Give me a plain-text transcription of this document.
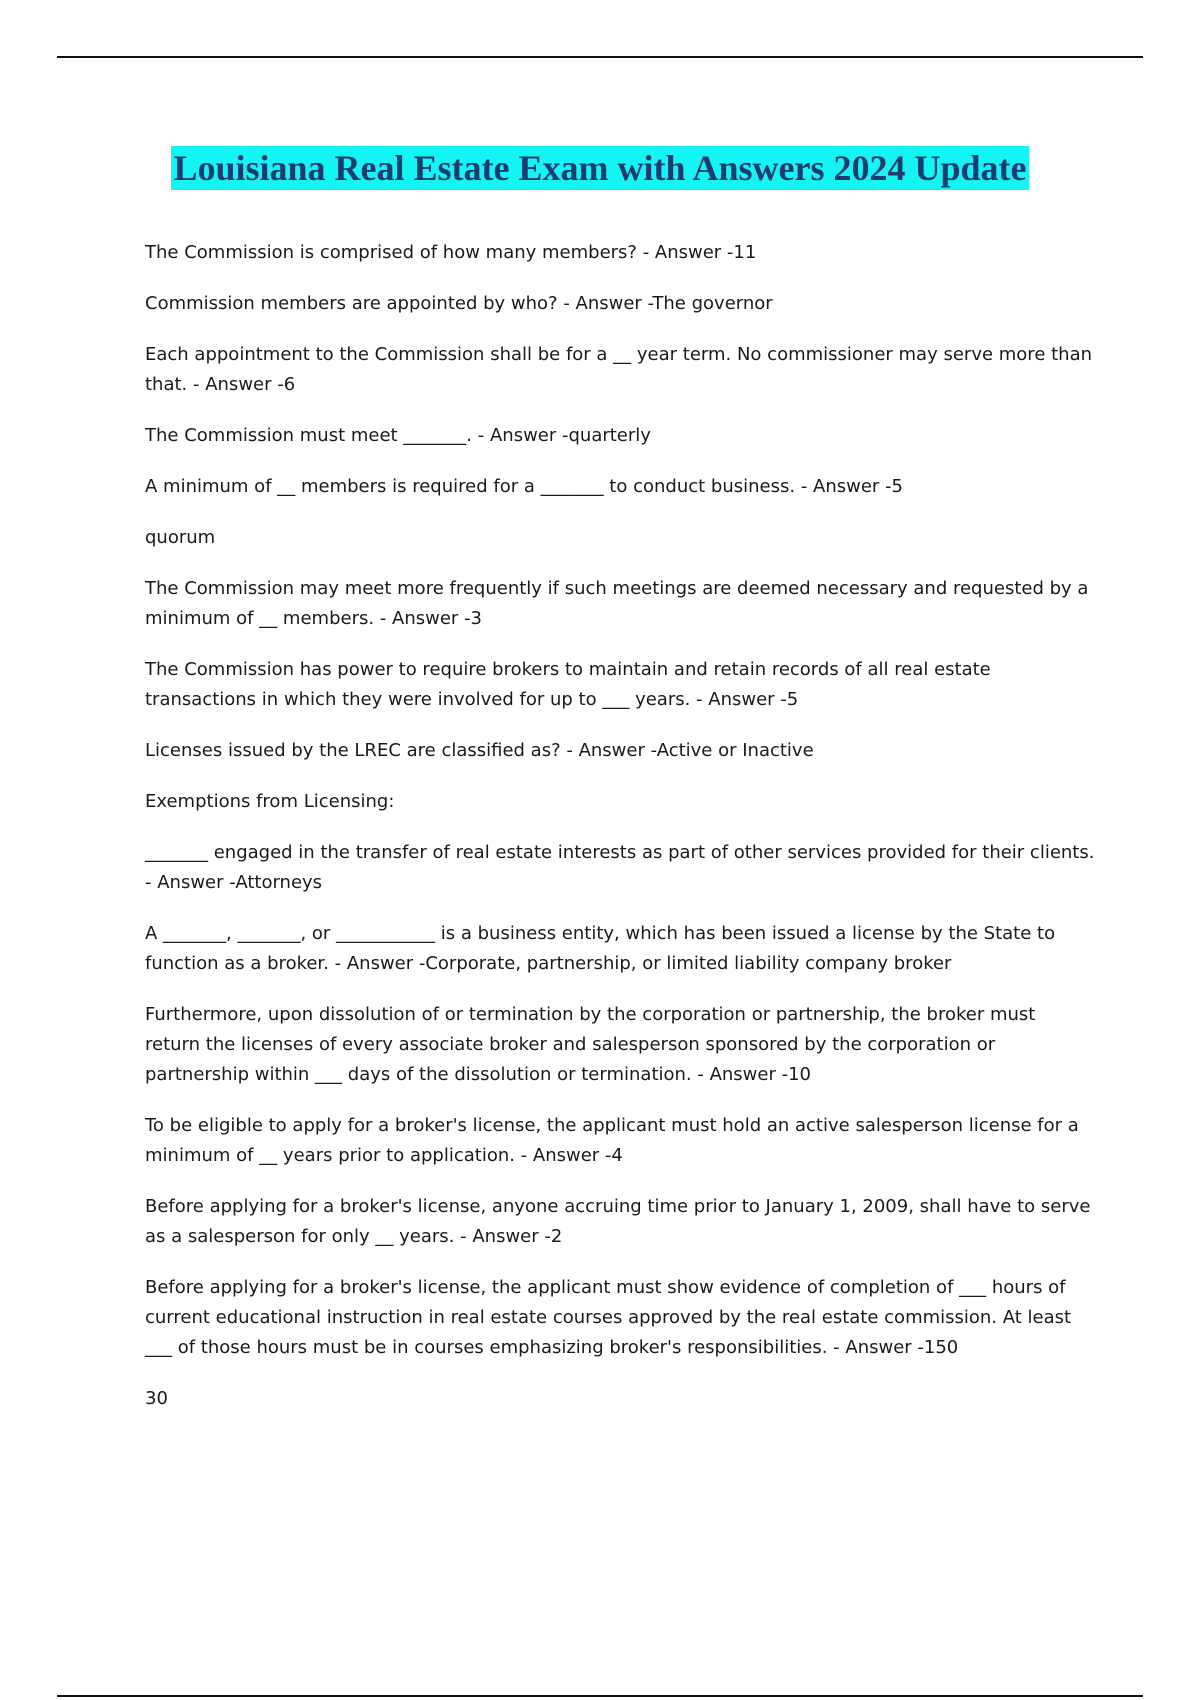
Louisiana Real Estate Exam with Answers 2024 Update

The Commission is comprised of how many members? - Answer -11

Commission members are appointed by who? - Answer -The governor

Each appointment to the Commission shall be for a __ year term. No commissioner may serve more than that. - Answer -6

The Commission must meet _______. - Answer -quarterly

A minimum of __ members is required for a _______ to conduct business. - Answer -5

quorum

The Commission may meet more frequently if such meetings are deemed necessary and requested by a minimum of __ members. - Answer -3

The Commission has power to require brokers to maintain and retain records of all real estate transactions in which they were involved for up to ___ years. - Answer -5

Licenses issued by the LREC are classified as? - Answer -Active or Inactive

Exemptions from Licensing:

_______ engaged in the transfer of real estate interests as part of other services provided for their clients. - Answer -Attorneys

A _______, _______, or ___________ is a business entity, which has been issued a license by the State to function as a broker. - Answer -Corporate, partnership, or limited liability company broker

Furthermore, upon dissolution of or termination by the corporation or partnership, the broker must return the licenses of every associate broker and salesperson sponsored by the corporation or partnership within ___ days of the dissolution or termination. - Answer -10

To be eligible to apply for a broker's license, the applicant must hold an active salesperson license for a minimum of __ years prior to application. - Answer -4

Before applying for a broker's license, anyone accruing time prior to January 1, 2009, shall have to serve as a salesperson for only __ years. - Answer -2

Before applying for a broker's license, the applicant must show evidence of completion of ___ hours of current educational instruction in real estate courses approved by the real estate commission. At least ___ of those hours must be in courses emphasizing broker's responsibilities. - Answer -150

30
